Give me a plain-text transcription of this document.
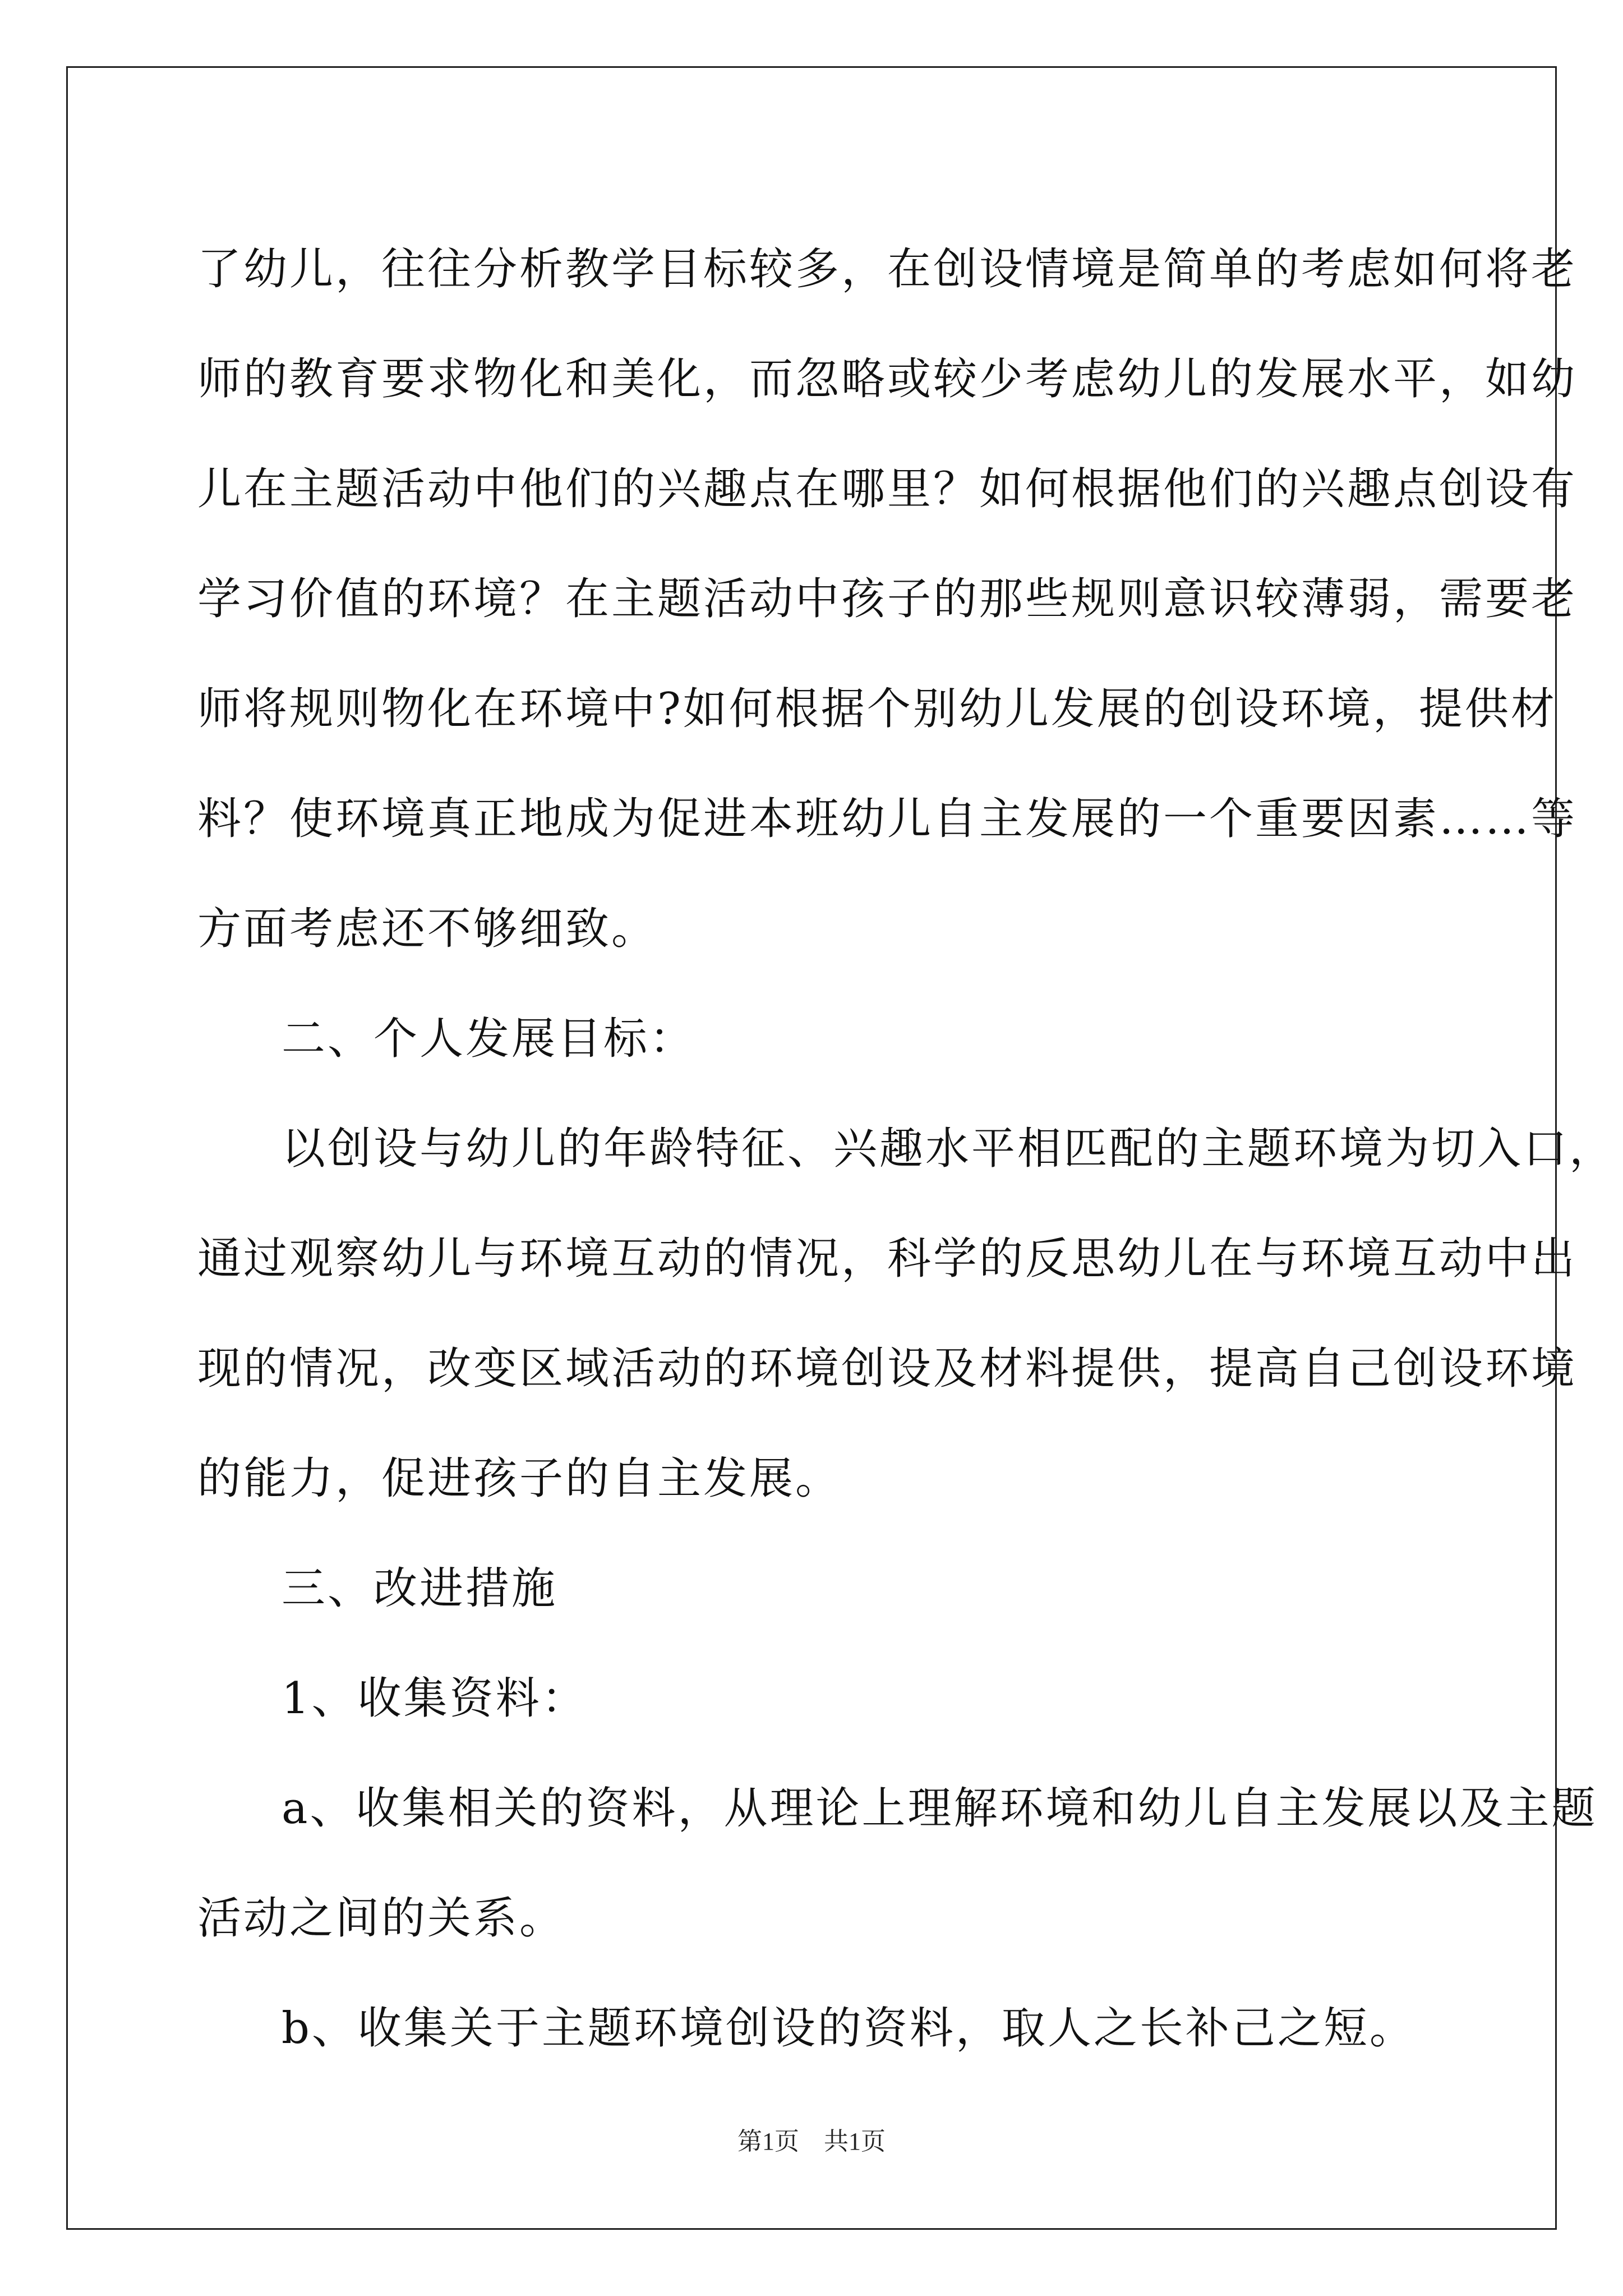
了幼儿，往往分析教学目标较多，在创设情境是简单的考虑如何将老
师的教育要求物化和美化，而忽略或较少考虑幼儿的发展水平，如幼
儿在主题活动中他们的兴趣点在哪里？如何根据他们的兴趣点创设有
学习价值的环境？在主题活动中孩子的那些规则意识较薄弱，需要老
师将规则物化在环境中?如何根据个别幼儿发展的创设环境，提供材
料？使环境真正地成为促进本班幼儿自主发展的一个重要因素……等
方面考虑还不够细致。
二、个人发展目标：
以创设与幼儿的年龄特征、兴趣水平相匹配的主题环境为切入口，
通过观察幼儿与环境互动的情况，科学的反思幼儿在与环境互动中出
现的情况，改变区域活动的环境创设及材料提供，提高自己创设环境
的能力，促进孩子的自主发展。
三、改进措施
1、收集资料：
a、收集相关的资料，从理论上理解环境和幼儿自主发展以及主题
活动之间的关系。
b、收集关于主题环境创设的资料，取人之长补己之短。
第1页　共1页
